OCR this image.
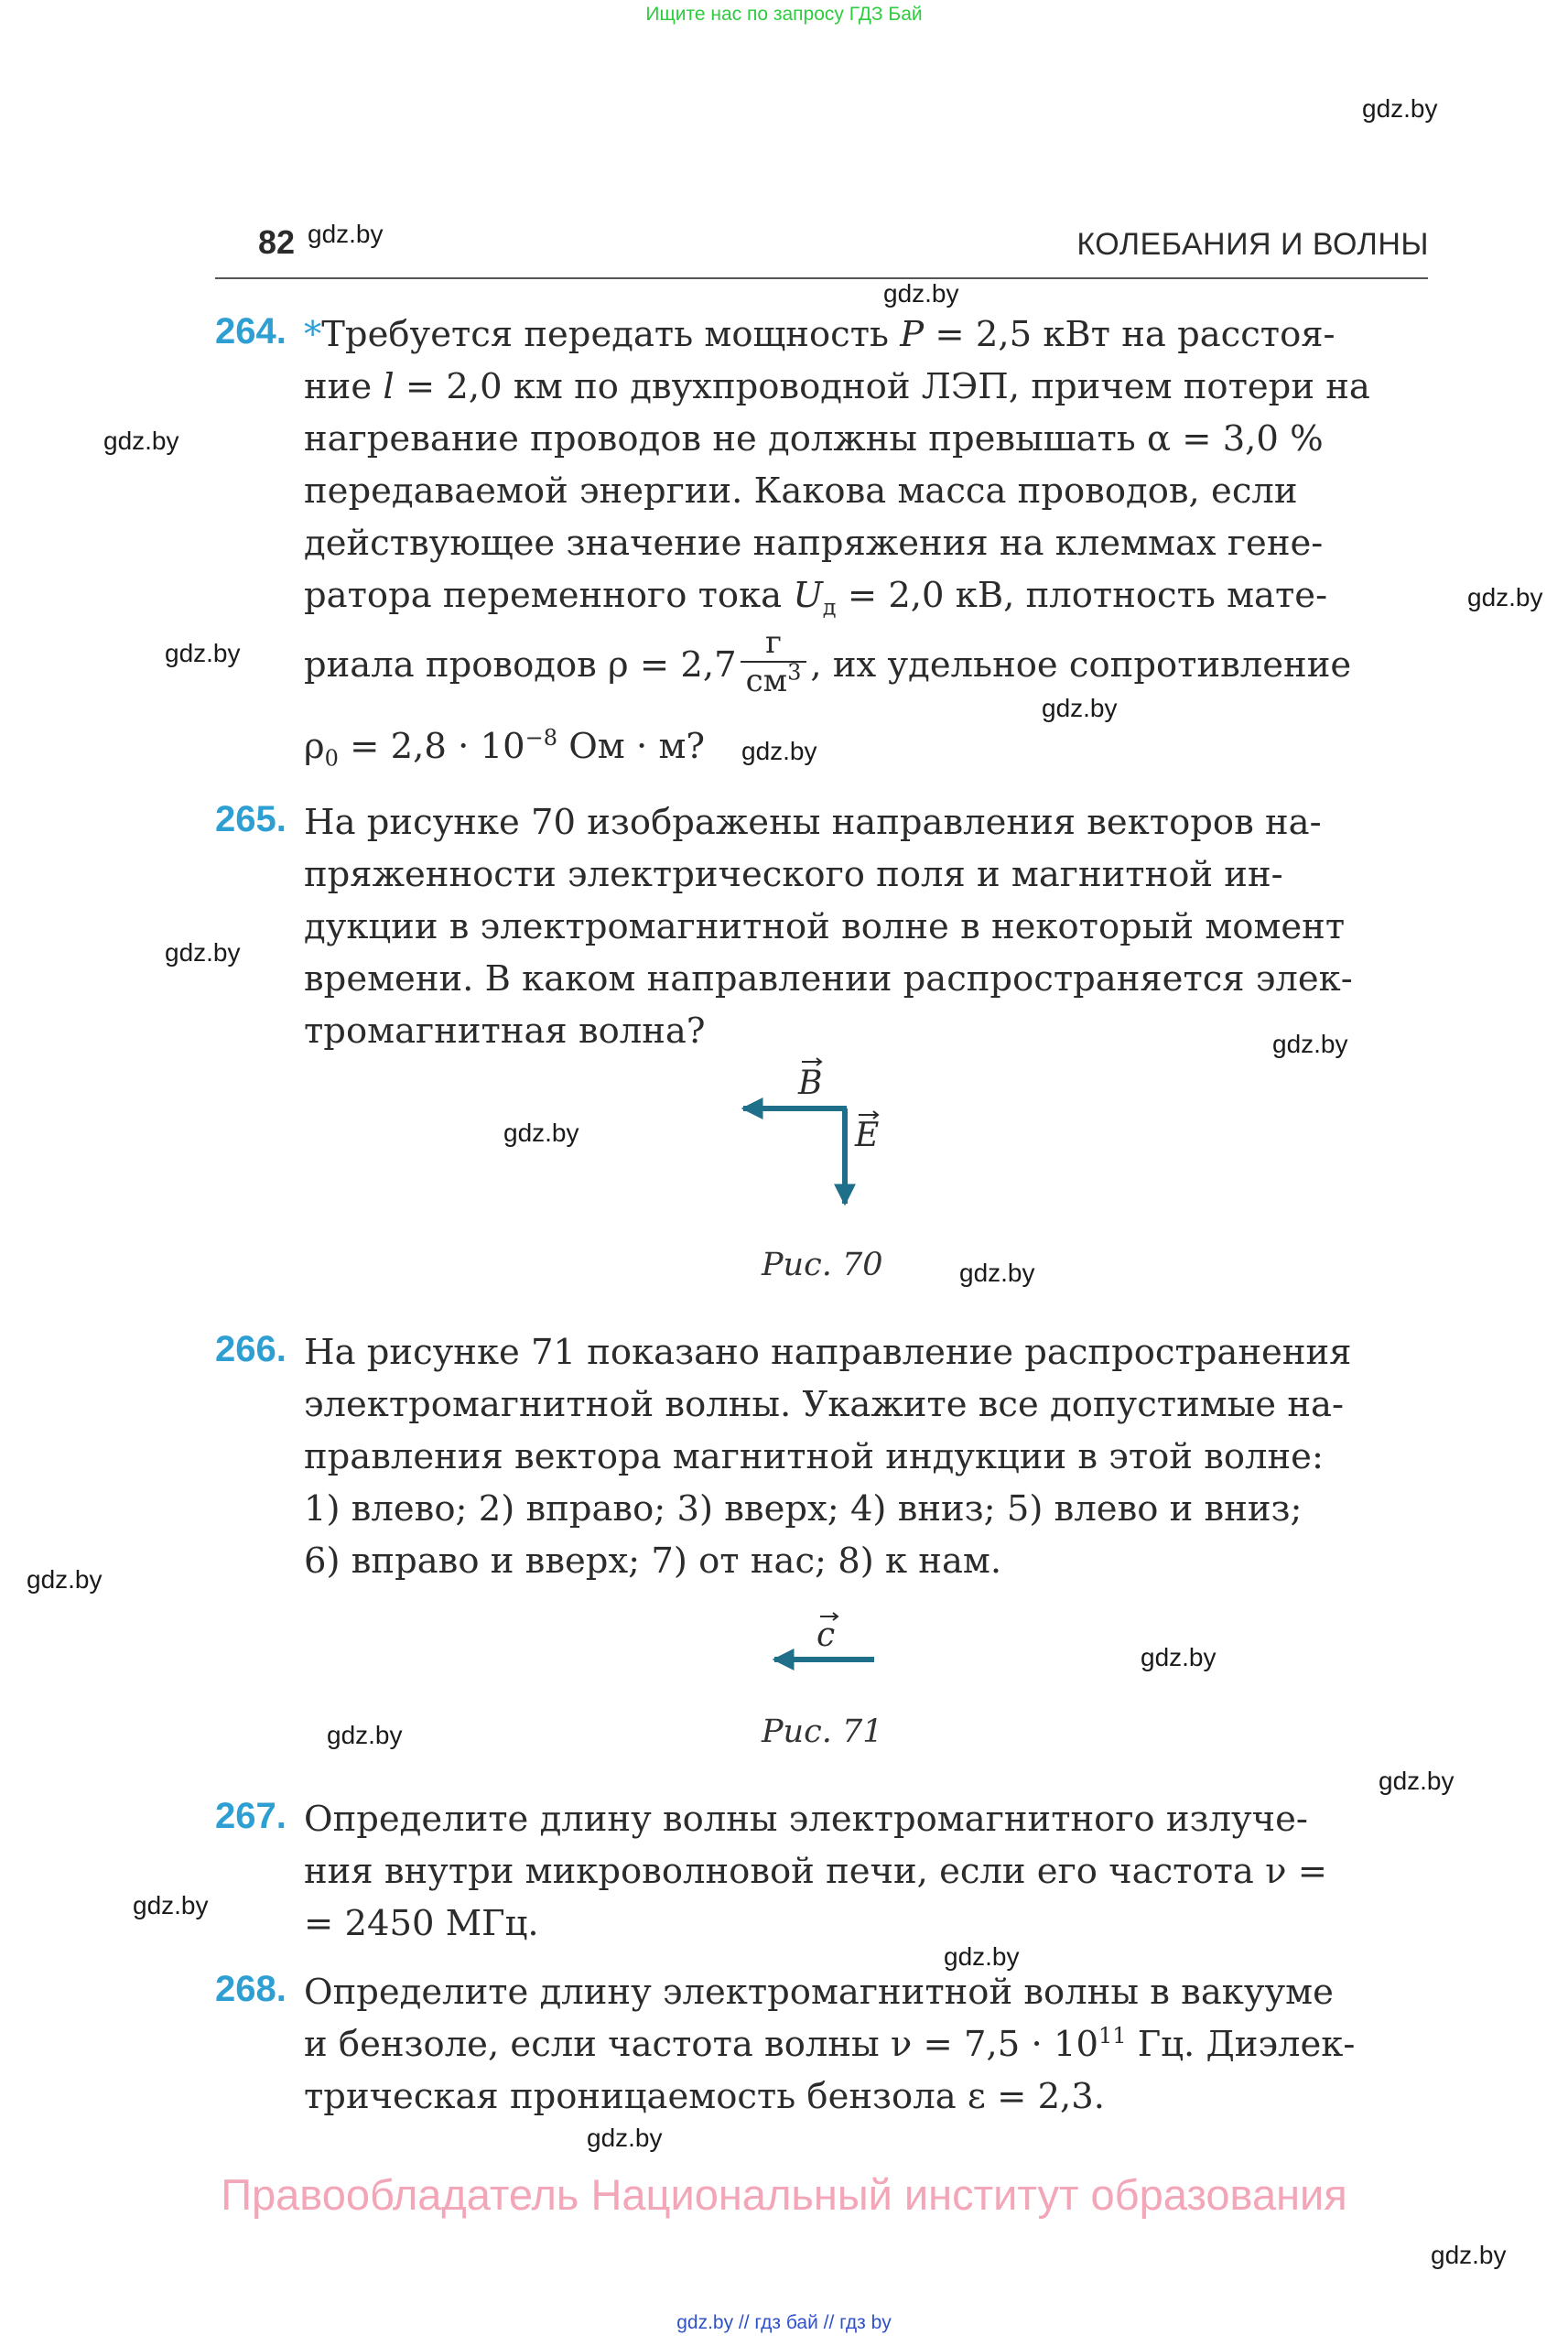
Ищите нас по запросу ГДЗ Бай
gdz.by
gdz.by
gdz.by
gdz.by
gdz.by
gdz.by
gdz.by
gdz.by
gdz.by
gdz.by
gdz.by
gdz.by
gdz.by
gdz.by
gdz.by
gdz.by
gdz.by
gdz.by
gdz.by
gdz.by
82	КОЛЕБАНИЯ И ВОЛНЫ
264. *Требуется передать мощность P = 2,5 кВт на расстоя-
ние l = 2,0 км по двухпроводной ЛЭП, причем потери на
нагревание проводов не должны превышать α = 3,0 %
передаваемой энергии. Какова масса проводов, если
действующее значение напряжения на клеммах гене-
ратора переменного тока $U_д = 2,0$ кВ, плотность мате-
риала проводов $\rho = 2,7 \frac{г}{см^3}$ , их удельное сопротивление
$\rho_0 = 2,8 \cdot 10^{-8}$ Ом · м?
265. На рисунке 70 изображены направления векторов на-
пряженности электрического поля и магнитной ин-
дукции в электромагнитной волне в некоторый момент
времени. В каком направлении распространяется элек-
тромагнитная волна?
B
E
Рис. 70
266. На рисунке 71 показано направление распространения
электромагнитной волны. Укажите все допустимые на-
правления вектора магнитной индукции в этой волне:
1) влево; 2) вправо; 3) вверх; 4) вниз; 5) влево и вниз;
6) вправо и вверх; 7) от нас; 8) к нам.
c
Рис. 71
267. Определите длину волны электромагнитного излуче-
ния внутри микроволновой печи, если его частота ν =
= 2450 МГц.
268. Определите длину электромагнитной волны в вакууме
и бензоле, если частота волны $\nu = 7,5 \cdot 10^{11}$ Гц. Диэлек-
трическая проницаемость бензола ε = 2,3.
Правообладатель Национальный институт образования
gdz.by // гдз бай // гдз by
